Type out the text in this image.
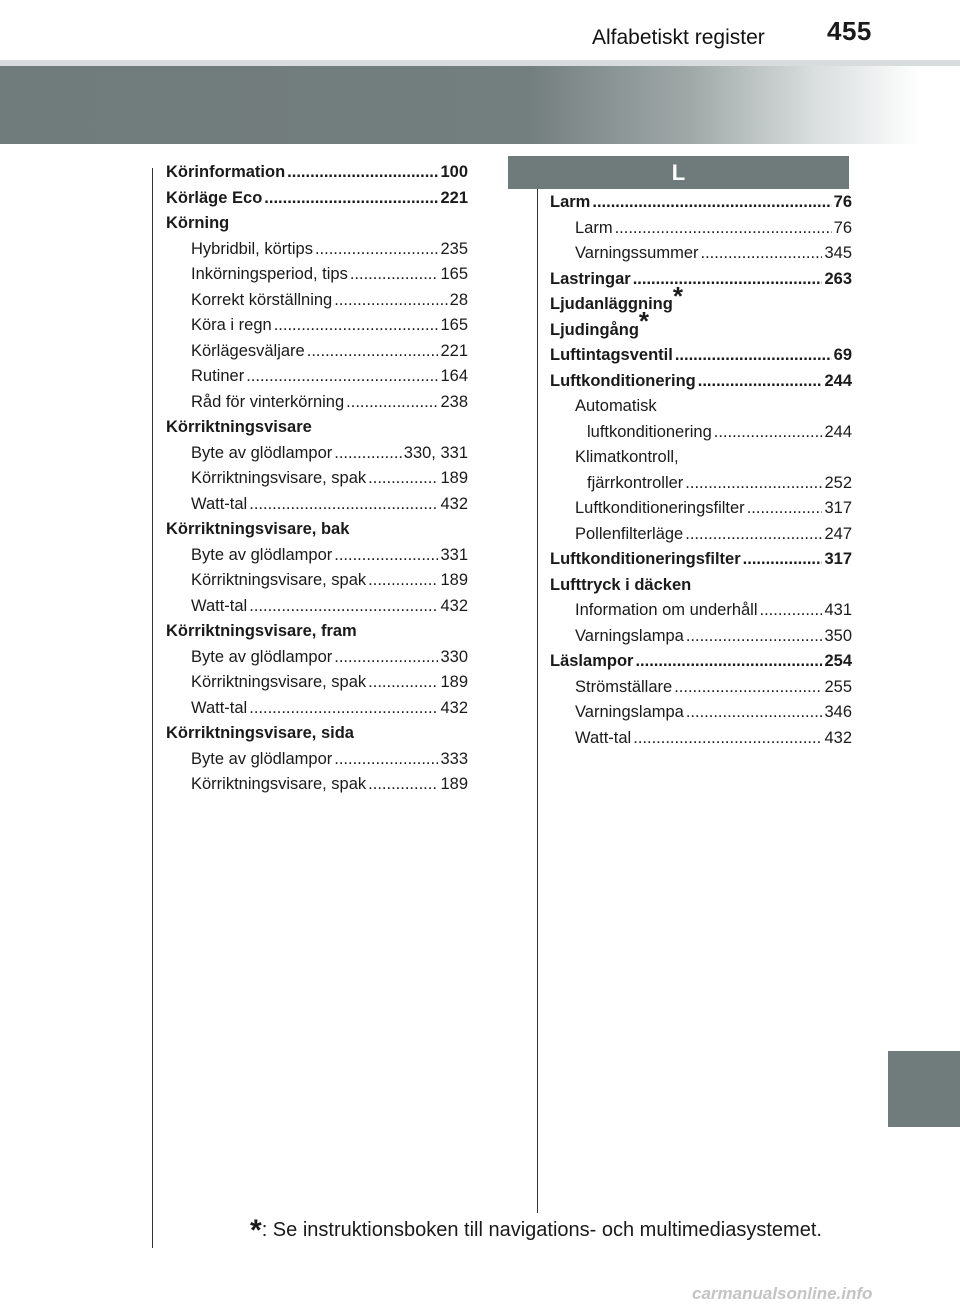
Alfabetiskt register 455
Körinformation .....	100
Körläge Eco .....	221
Körning
Hybridbil, körtips .....	235
Inkörningsperiod, tips .....	165
Korrekt körställning .....	28
Köra i regn .....	165
Körlägesväljare .....	221
Rutiner .....	164
Råd för vinterkörning .....	238
Körriktningsvisare
Byte av glödlampor .....	330, 331
Körriktningsvisare, spak .....	189
Watt-tal .....	432
Körriktningsvisare, bak
Byte av glödlampor .....	331
Körriktningsvisare, spak .....	189
Watt-tal .....	432
Körriktningsvisare, fram
Byte av glödlampor .....	330
Körriktningsvisare, spak .....	189
Watt-tal .....	432
Körriktningsvisare, sida
Byte av glödlampor .....	333
Körriktningsvisare, spak .....	189
L
Larm .....	76
Larm .....	76
Varningssummer .....	345
Lastringar .....	263
Ljudanläggning*
Ljudingång*
Luftintagsventil .....	69
Luftkonditionering .....	244
Automatisk
luftkonditionering .....	244
Klimatkontroll,
fjärrkontroller .....	252
Luftkonditioneringsfilter .....	317
Pollenfilterläge .....	247
Luftkonditioneringsfilter .....	317
Lufttryck i däcken
Information om underhåll .....	431
Varningslampa .....	350
Läslampor .....	254
Strömställare .....	255
Varningslampa .....	346
Watt-tal .....	432
*: Se instruktionsboken till navigations- och multimediasystemet.
carmanualsonline.info
